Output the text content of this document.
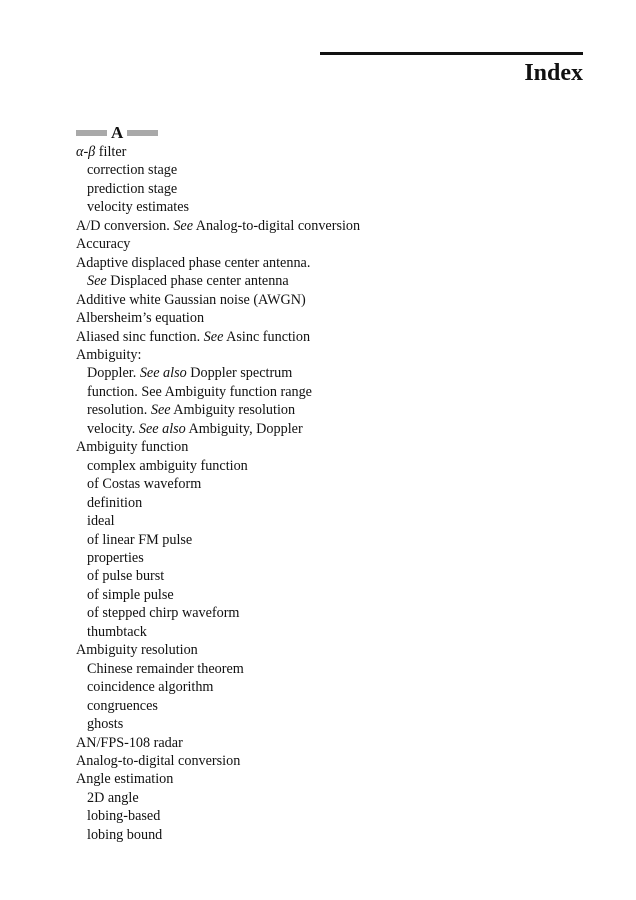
Index
A
α-β filter
correction stage
prediction stage
velocity estimates
A/D conversion. See Analog-to-digital conversion
Accuracy
Adaptive displaced phase center antenna.
See Displaced phase center antenna
Additive white Gaussian noise (AWGN)
Albersheim’s equation
Aliased sinc function. See Asinc function
Ambiguity:
Doppler. See also Doppler spectrum
function. See Ambiguity function range
resolution. See Ambiguity resolution
velocity. See also Ambiguity, Doppler
Ambiguity function
complex ambiguity function
of Costas waveform
definition
ideal
of linear FM pulse
properties
of pulse burst
of simple pulse
of stepped chirp waveform
thumbtack
Ambiguity resolution
Chinese remainder theorem
coincidence algorithm
congruences
ghosts
AN/FPS-108 radar
Analog-to-digital conversion
Angle estimation
2D angle
lobing-based
lobing bound
